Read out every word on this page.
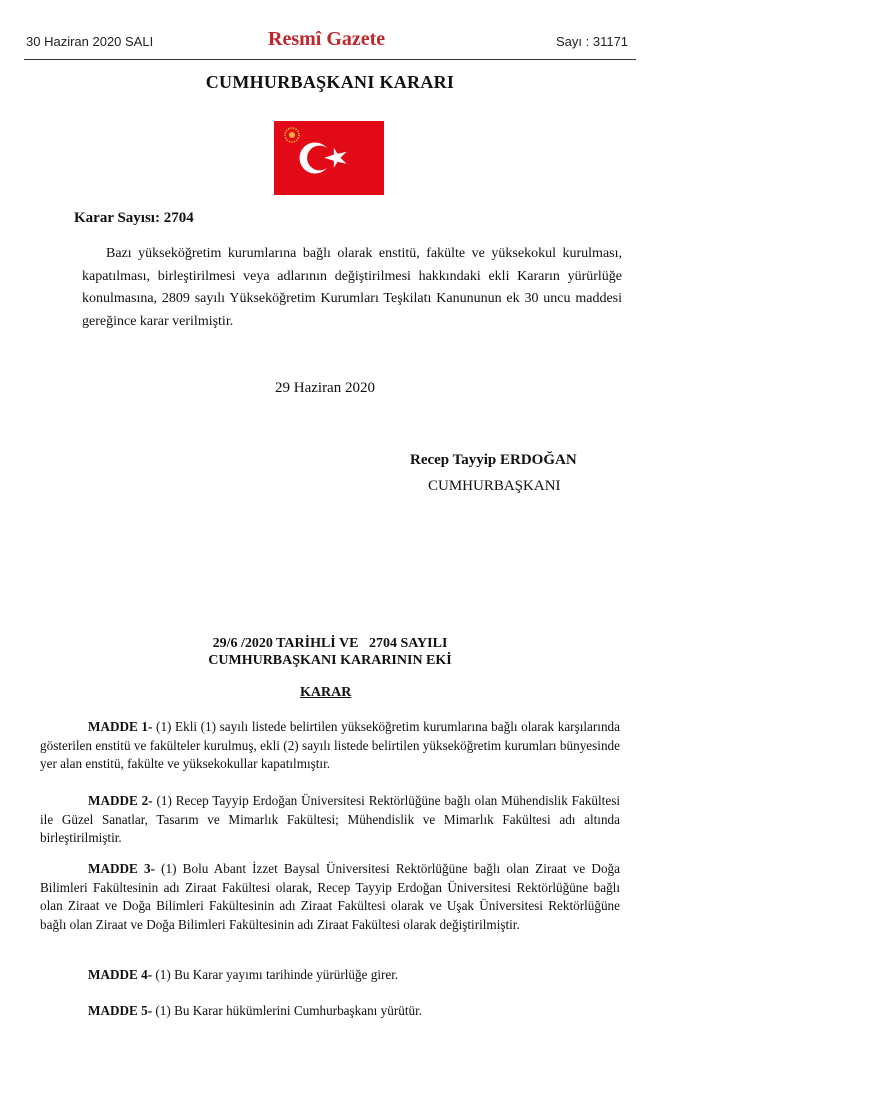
30 Haziran 2020 SALI	Resmî Gazete	Sayı : 31171
CUMHURBAŞKANI KARARI
Karar Sayısı: 2704
Bazı yükseköğretim kurumlarına bağlı olarak enstitü, fakülte ve yüksekokul kurulması, kapatılması, birleştirilmesi veya adlarının değiştirilmesi hakkındaki ekli Kararın yürürlüğe konulmasına, 2809 sayılı Yükseköğretim Kurumları Teşkilatı Kanununun ek 30 uncu maddesi gereğince karar verilmiştir.
29 Haziran 2020
Recep Tayyip ERDOĞAN
CUMHURBAŞKANI
29/6 /2020 TARİHLİ VE   2704 SAYILI
CUMHURBAŞKANI KARARININ EKİ
KARAR
MADDE 1- (1) Ekli (1) sayılı listede belirtilen yükseköğretim kurumlarına bağlı olarak karşılarında gösterilen enstitü ve fakülteler kurulmuş, ekli (2) sayılı listede belirtilen yükseköğretim kurumları bünyesinde yer alan enstitü, fakülte ve yüksekokullar kapatılmıştır.
MADDE 2- (1) Recep Tayyip Erdoğan Üniversitesi Rektörlüğüne bağlı olan Mühendislik Fakültesi ile Güzel Sanatlar, Tasarım ve Mimarlık Fakültesi; Mühendislik ve Mimarlık Fakültesi adı altında birleştirilmiştir.
MADDE 3- (1) Bolu Abant İzzet Baysal Üniversitesi Rektörlüğüne bağlı olan Ziraat ve Doğa Bilimleri Fakültesinin adı Ziraat Fakültesi olarak, Recep Tayyip Erdoğan Üniversitesi Rektörlüğüne bağlı olan Ziraat ve Doğa Bilimleri Fakültesinin adı Ziraat Fakültesi olarak ve Uşak Üniversitesi Rektörlüğüne bağlı olan Ziraat ve Doğa Bilimleri Fakültesinin adı Ziraat Fakültesi olarak değiştirilmiştir.
MADDE 4- (1) Bu Karar yayımı tarihinde yürürlüğe girer.
MADDE 5- (1) Bu Karar hükümlerini Cumhurbaşkanı yürütür.
